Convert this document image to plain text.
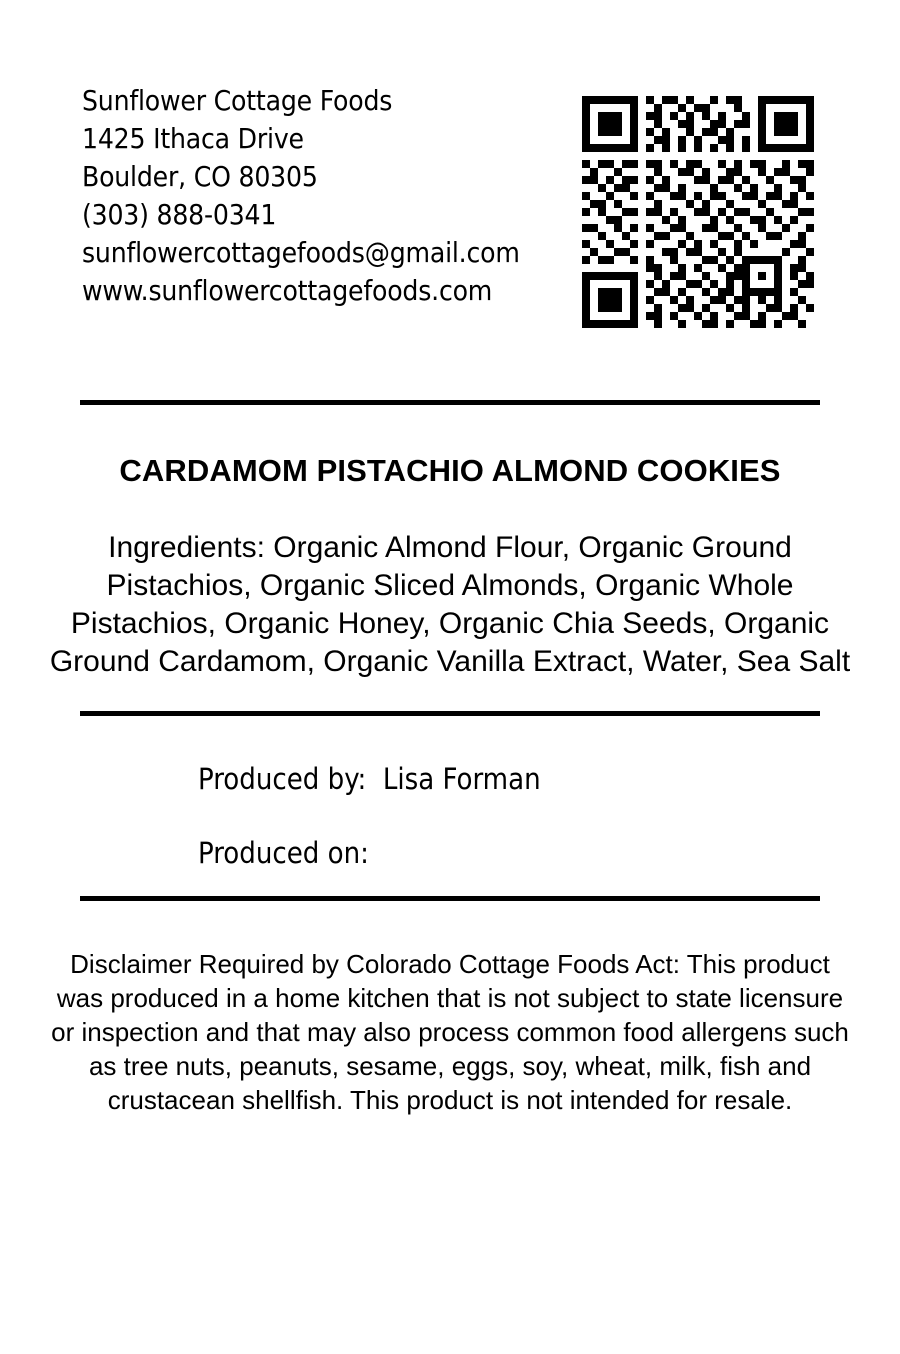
Sunflower Cottage Foods
1425 Ithaca Drive
Boulder, CO 80305
(303) 888-0341
sunflowercottagefoods@gmail.com
www.sunflowercottagefoods.com
CARDAMOM PISTACHIO ALMOND COOKIES
Ingredients: Organic Almond Flour, Organic Ground Pistachios, Organic Sliced Almonds, Organic Whole Pistachios, Organic Honey, Organic Chia Seeds, Organic Ground Cardamom, Organic Vanilla Extract, Water, Sea Salt
Produced by:  Lisa Forman
Produced on:
Disclaimer Required by Colorado Cottage Foods Act: This product was produced in a home kitchen that is not subject to state licensure or inspection and that may also process common food allergens such as tree nuts, peanuts, sesame, eggs, soy, wheat, milk, fish and crustacean shellfish. This product is not intended for resale.
